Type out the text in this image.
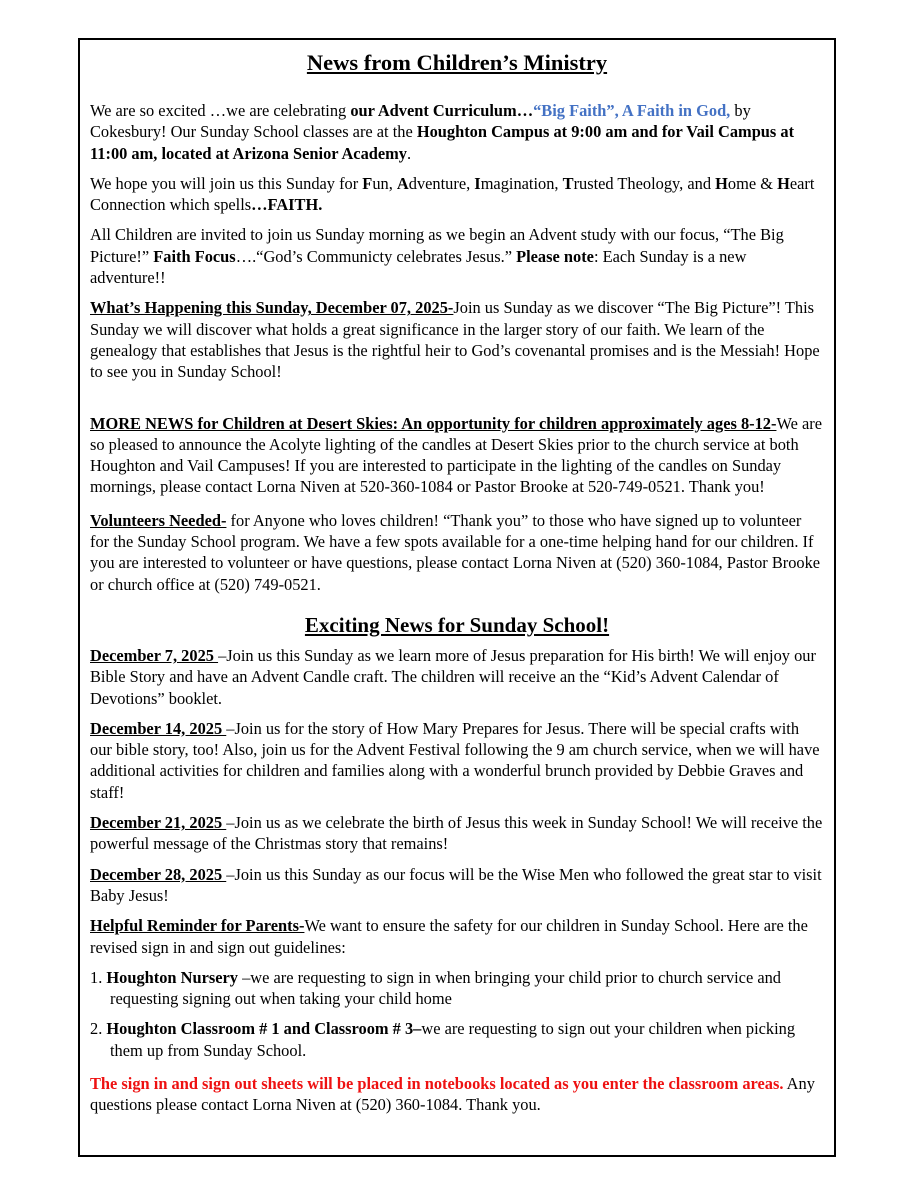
News from Children’s Ministry
We are so excited …we are celebrating our Advent Curriculum…“Big Faith”, A Faith in God, by Cokesbury! Our Sunday School classes are at the Houghton Campus at 9:00 am and for Vail Campus at 11:00 am, located at Arizona Senior Academy.
We hope you will join us this Sunday for Fun, Adventure, Imagination, Trusted Theology, and Home & Heart Connection which spells…FAITH.
All Children are invited to join us Sunday morning as we begin an Advent study with our focus, “The Big Picture!” Faith Focus….“God’s Communicty celebrates Jesus.” Please note: Each Sunday is a new adventure!!
What’s Happening this Sunday, December 07, 2025-Join us Sunday as we discover “The Big Picture”! This Sunday we will discover what holds a great significance in the larger story of our faith. We learn of the genealogy that establishes that Jesus is the rightful heir to God’s covenantal promises and is the Messiah! Hope to see you in Sunday School!
MORE NEWS for Children at Desert Skies: An opportunity for children approximately ages 8-12-We are so pleased to announce the Acolyte lighting of the candles at Desert Skies prior to the church service at both Houghton and Vail Campuses! If you are interested to participate in the lighting of the candles on Sunday mornings, please contact Lorna Niven at 520-360-1084 or Pastor Brooke at 520-749-0521. Thank you!
Volunteers Needed- for Anyone who loves children! “Thank you” to those who have signed up to volunteer for the Sunday School program. We have a few spots available for a one-time helping hand for our children. If you are interested to volunteer or have questions, please contact Lorna Niven at (520) 360-1084, Pastor Brooke or church office at (520) 749-0521.
Exciting News for Sunday School!
December 7, 2025 –Join us this Sunday as we learn more of Jesus preparation for His birth! We will enjoy our Bible Story and have an Advent Candle craft. The children will receive an the “Kid’s Advent Calendar of Devotions” booklet.
December 14, 2025 –Join us for the story of How Mary Prepares for Jesus. There will be special crafts with our bible story, too! Also, join us for the Advent Festival following the 9 am church service, when we will have additional activities for children and families along with a wonderful brunch provided by Debbie Graves and staff!
December 21, 2025 –Join us as we celebrate the birth of Jesus this week in Sunday School! We will receive the powerful message of the Christmas story that remains!
December 28, 2025 –Join us this Sunday as our focus will be the Wise Men who followed the great star to visit Baby Jesus!
Helpful Reminder for Parents-We want to ensure the safety for our children in Sunday School. Here are the revised sign in and sign out guidelines:
1. Houghton Nursery –we are requesting to sign in when bringing your child prior to church service and requesting signing out when taking your child home
2. Houghton Classroom # 1 and Classroom # 3–we are requesting to sign out your children when picking them up from Sunday School.
The sign in and sign out sheets will be placed in notebooks located as you enter the classroom areas. Any questions please contact Lorna Niven at (520) 360-1084. Thank you.
